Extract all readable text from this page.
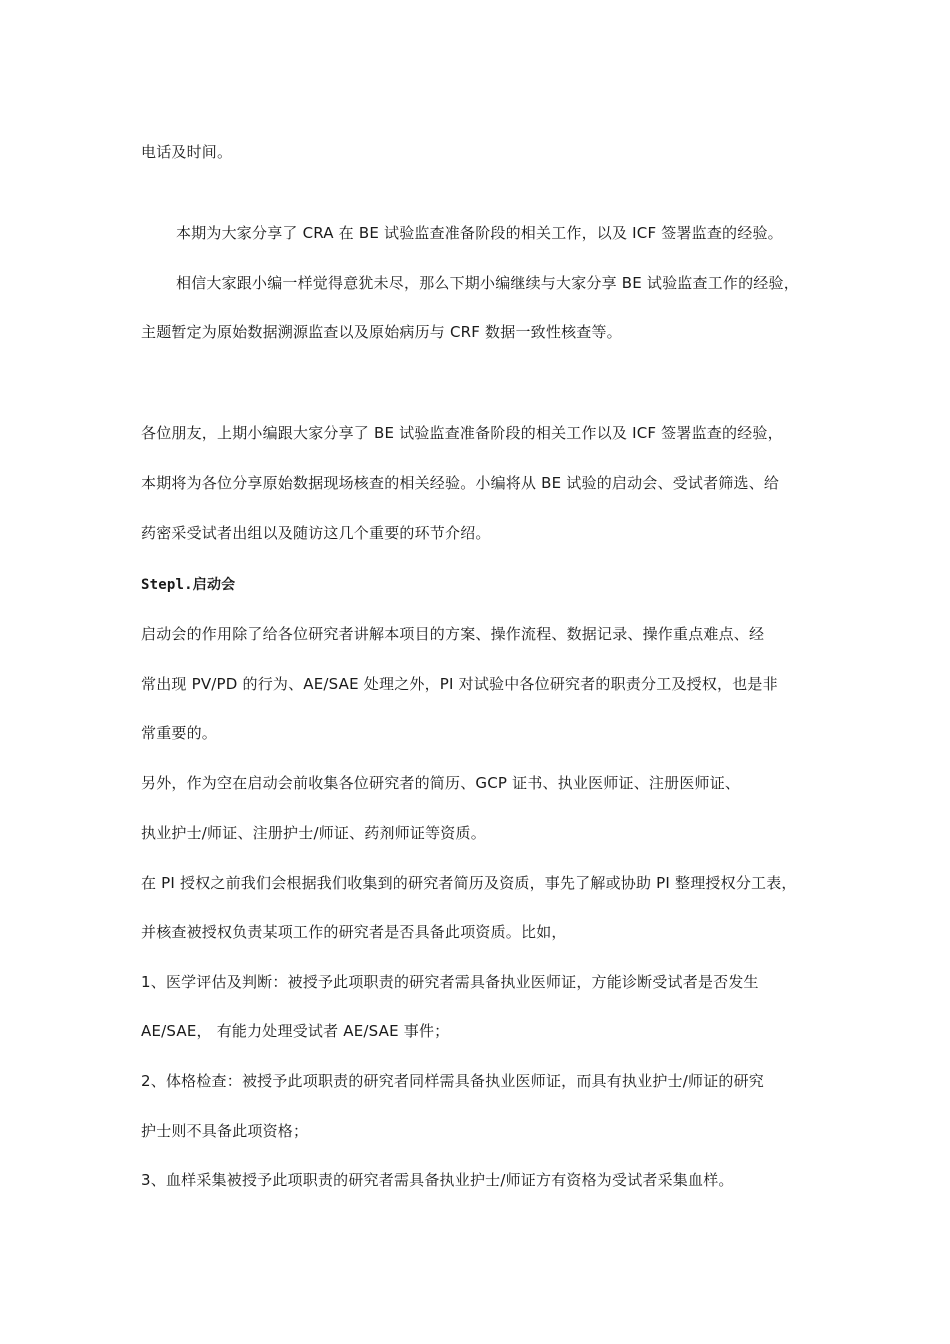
电话及时间。
本期为大家分享了 CRA 在 BE 试验监查准备阶段的相关工作，以及 ICF 签署监查的经验。
相信大家跟小编一样觉得意犹未尽，那么下期小编继续与大家分享 BE 试验监查工作的经验，
主题暂定为原始数据溯源监查以及原始病历与 CRF 数据一致性核查等。
各位朋友，上期小编跟大家分享了 BE 试验监查准备阶段的相关工作以及 ICF 签署监查的经验，
本期将为各位分享原始数据现场核查的相关经验。小编将从 BE 试验的启动会、受试者筛选、给
药密采受试者出组以及随访这几个重要的环节介绍。
Stepl.启动会
启动会的作用除了给各位研究者讲解本项目的方案、操作流程、数据记录、操作重点难点、经
常出现 PV/PD 的行为、AE/SAE 处理之外，PI 对试验中各位研究者的职责分工及授权，也是非
常重要的。
另外，作为空在启动会前收集各位研究者的简历、GCP 证书、执业医师证、注册医师证、
执业护士/师证、注册护士/师证、药剂师证等资质。
在 PI 授权之前我们会根据我们收集到的研究者简历及资质，事先了解或协助 PI 整理授权分工表，
并核查被授权负责某项工作的研究者是否具备此项资质。比如，
1、医学评估及判断：被授予此项职责的研究者需具备执业医师证，方能诊断受试者是否发生
AE/SAE， 有能力处理受试者 AE/SAE 事件；
2、体格检查：被授予此项职责的研究者同样需具备执业医师证，而具有执业护士/师证的研究
护士则不具备此项资格；
3、血样采集被授予此项职责的研究者需具备执业护士/师证方有资格为受试者采集血样。
